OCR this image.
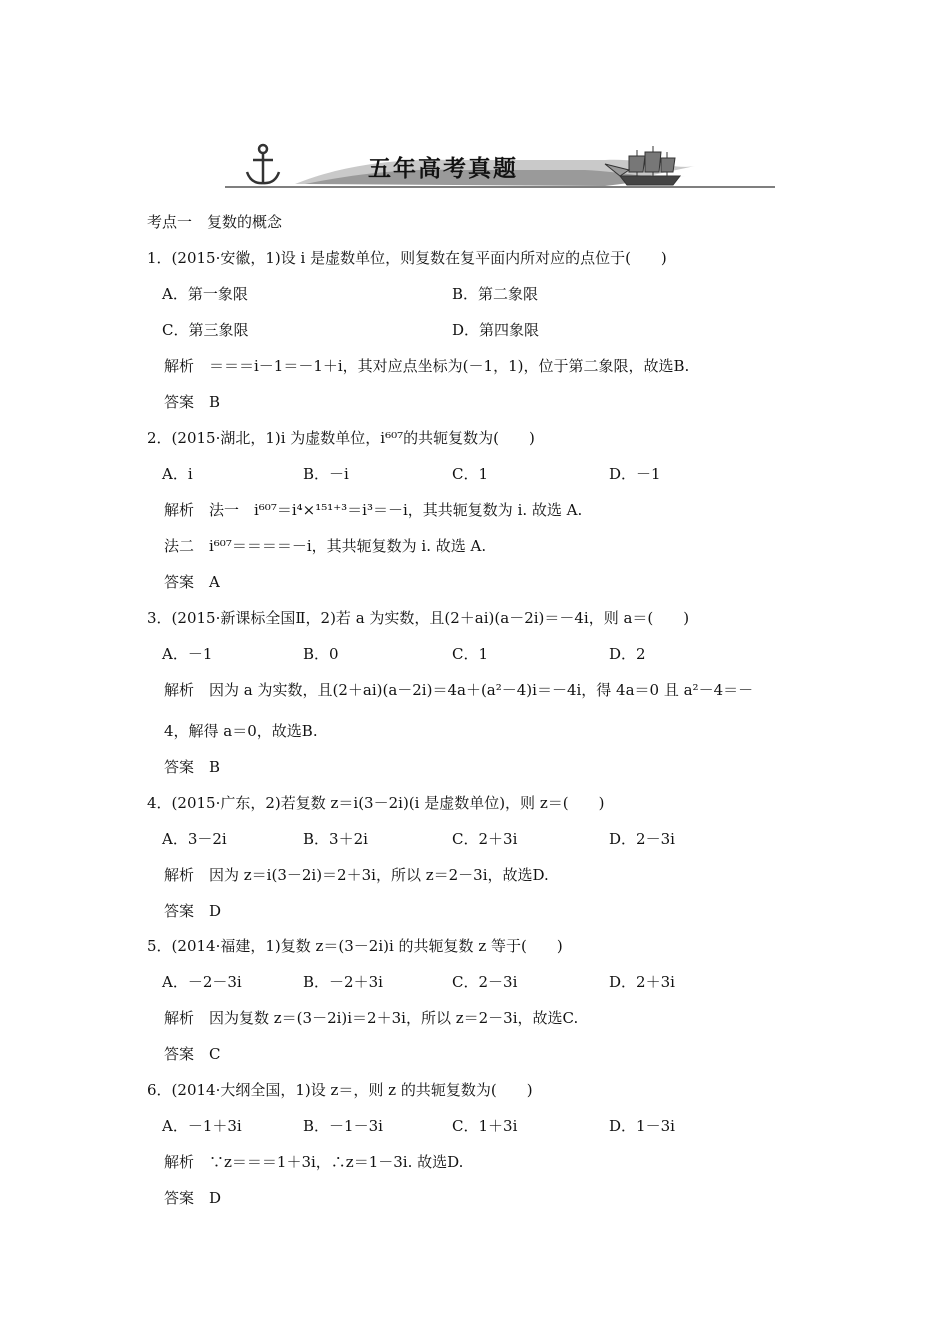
五年高考真题
考点一　复数的概念
1．(2015·安徽，1)设 i 是虚数单位，则复数在复平面内所对应的点位于(　　)
A．第一象限	B．第二象限
C．第三象限	D．第四象限
解析　＝＝＝i－1＝－1＋i，其对应点坐标为(－1，1)，位于第二象限，故选B.
答案　B
2．(2015·湖北，1)i 为虚数单位，i⁶⁰⁷的共轭复数为(　　)
A．i	B．－i	C．1	D．－1
解析　法一　i⁶⁰⁷＝i⁴×¹⁵¹⁺³＝i³＝－i，其共轭复数为 i. 故选 A.
法二　i⁶⁰⁷＝＝＝＝－i，其共轭复数为 i. 故选 A.
答案　A
3．(2015·新课标全国Ⅱ，2)若 a 为实数，且(2＋ai)(a－2i)＝－4i，则 a＝(　　)
A．－1	B．0	C．1	D．2
解析　因为 a 为实数，且(2＋ai)(a－2i)＝4a＋(a²－4)i＝－4i，得 4a＝0 且 a²－4＝－
4，解得 a＝0，故选B.
答案　B
4．(2015·广东，2)若复数 z＝i(3－2i)(i 是虚数单位)，则 z＝(　　)
A．3－2i	B．3＋2i	C．2＋3i	D．2－3i
解析　因为 z＝i(3－2i)＝2＋3i，所以 z＝2－3i，故选D.
答案　D
5．(2014·福建，1)复数 z＝(3－2i)i 的共轭复数 z 等于(　　)
A．－2－3i	B．－2＋3i	C．2－3i	D．2＋3i
解析　因为复数 z＝(3－2i)i＝2＋3i，所以 z＝2－3i，故选C.
答案　C
6．(2014·大纲全国，1)设 z＝，则 z 的共轭复数为(　　)
A．－1＋3i	B．－1－3i	C．1＋3i	D．1－3i
解析　∵z＝＝＝1＋3i，∴z＝1－3i. 故选D.
答案　D
